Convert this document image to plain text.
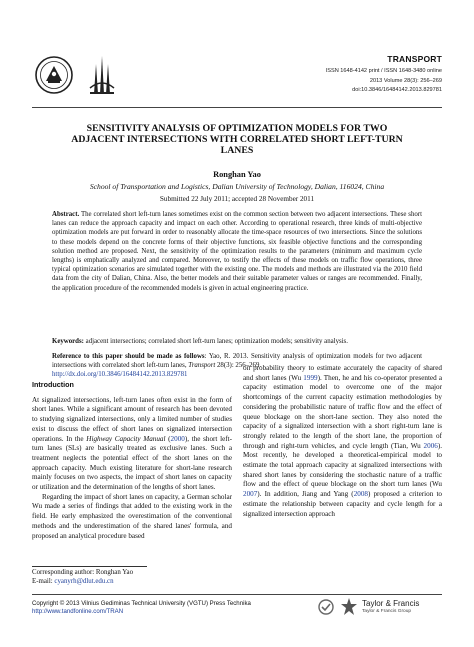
TRANSPORT
ISSN 1648-4142 print / ISSN 1648-3480 online
2013 Volume 28(3): 256–269
doi:10.3846/16484142.2013.829781
SENSITIVITY ANALYSIS OF OPTIMIZATION MODELS FOR TWO ADJACENT INTERSECTIONS WITH CORRELATED SHORT LEFT-TURN LANES
Ronghan Yao
School of Transportation and Logistics, Dalian University of Technology, Dalian, 116024, China
Submitted 22 July 2011; accepted 28 November 2011
Abstract. The correlated short left-turn lanes sometimes exist on the common section between two adjacent intersections. These short lanes can reduce the approach capacity and impact on each other. According to operational research, three kinds of multi-objective optimization models are put forward in order to reasonably allocate the time-space resources of two intersections. Since the solutions to these models depend on the concrete forms of their objective functions, six feasible objective functions and the corresponding solution method are proposed. Next, the sensitivity of the optimization results to the parameters (minimum and maximum cycle lengths) is emphatically analyzed and compared. Moreover, to testify the effects of these models on traffic flow operations, three typical optimization scenarios are simulated together with the existing one. The models and methods are illustrated via the 2010 field data from the city of Dalian, China. Also, the better models and their suitable parameter values or ranges are recommended. Finally, the application procedure of the recommended models is given in actual engineering practice.
Keywords: adjacent intersections; correlated short left-turn lanes; optimization models; sensitivity analysis.
Reference to this paper should be made as follows: Yao, R. 2013. Sensitivity analysis of optimization models for two adjacent intersections with correlated short left-turn lanes, Transport 28(3): 256–269.
http://dx.doi.org/10.3846/16484142.2013.829781

Introduction

At signalized intersections, left-turn lanes often exist in the form of short lanes. While a significant amount of research has been devoted to studying signalized intersections, only a limited number of studies exist to discuss the effect of short lanes on signalized intersection operations. In the Highway Capacity Manual (2000), the short left-turn lanes (SLs) are basically treated as exclusive lanes. Such a treatment neglects the potential effect of the short lanes on the approach capacity. Much existing literature for short-lane research mainly focuses on two aspects, the impact of short lanes on capacity or utilization and the determination of the lengths of short lanes.

Regarding the impact of short lanes on capacity, a German scholar Wu made a series of findings that added to the existing work in the field. He early emphasized the overestimation of the conventional methods and the underestimation of the shared lanes' formula, and proposed an analytical procedure based

on probability theory to estimate accurately the capacity of shared and short lanes (Wu 1999). Then, he and his co-operator presented a capacity estimation model to overcome one of the major shortcomings of the current capacity estimation methodologies by considering the probabilistic nature of traffic flow and the effect of queue blockage on the short-lane section. They also noted the capacity of a signalized intersection with a short right-turn lane is strongly related to the length of the short lane, the proportion of through and right-turn vehicles, and cycle length (Tian, Wu 2006). Most recently, he developed a theoretical-empirical model to estimate the total approach capacity at signalized intersections with shared short lanes by considering the stochastic nature of a traffic flow and the effect of queue blockage on the short turn lanes (Wu 2007). In addition, Jiang and Yang (2008) proposed a criterion to estimate the relationship between capacity and cycle length for a signalized intersection approach

Corresponding author: Ronghan Yao
E-mail: cyanyrh@dlut.edu.cn
Copyright © 2013 Vilnius Gediminas Technical University (VGTU) Press Technika
http://www.tandfonline.com/TRAN
Taylor & Francis
Taylor & Francis Group
